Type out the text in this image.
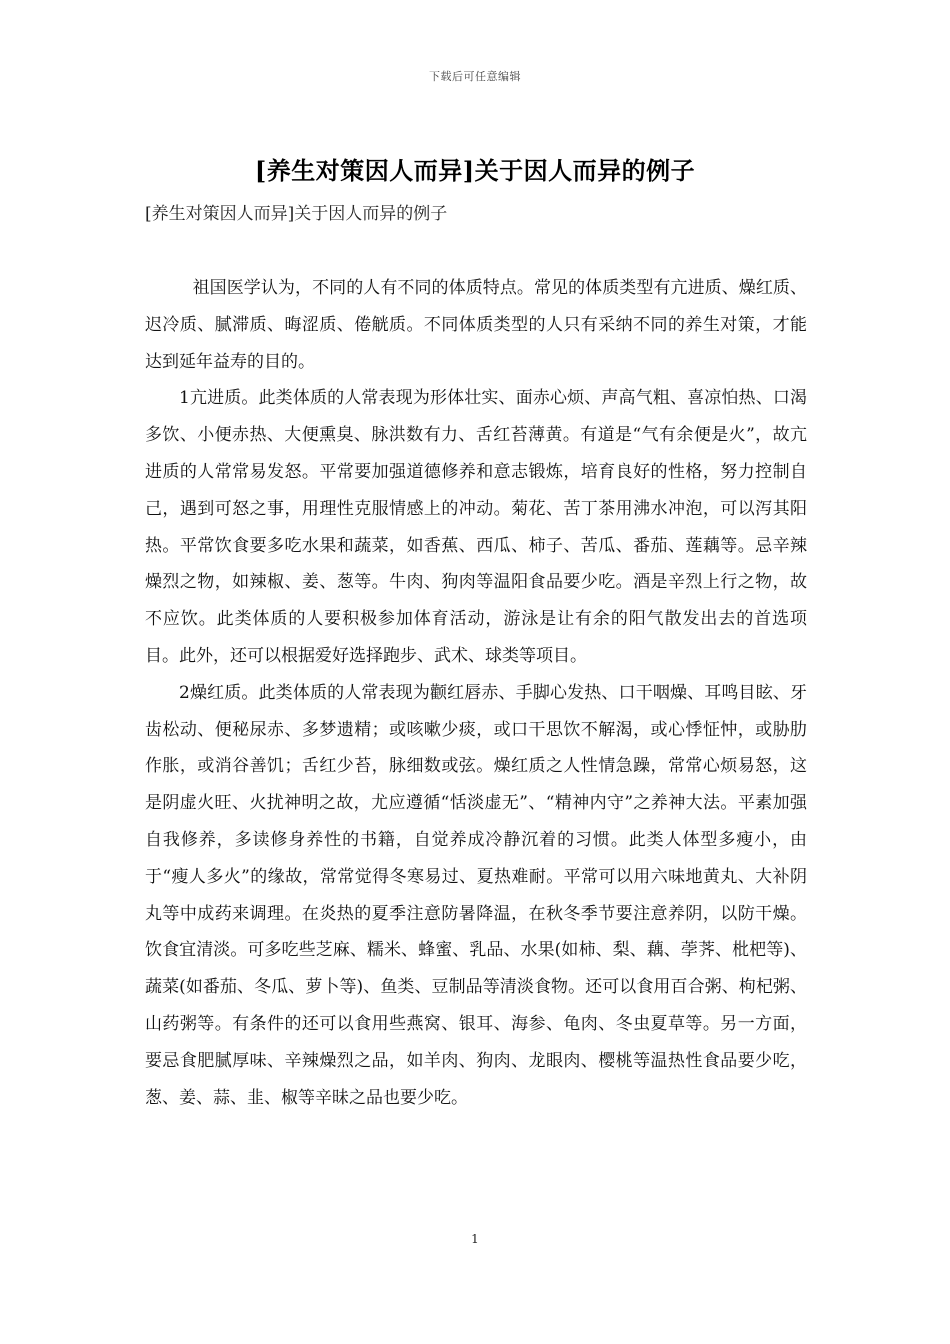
下载后可任意编辑
[养生对策因人而异]关于因人而异的例子
[养生对策因人而异]关于因人而异的例子

祖国医学认为，不同的人有不同的体质特点。常见的体质类型有亢进质、燥红质、迟冷质、腻滞质、晦涩质、倦觥质。不同体质类型的人只有采纳不同的养生对策，才能达到延年益寿的目的。

1亢进质。此类体质的人常表现为形体壮实、面赤心烦、声高气粗、喜凉怕热、口渴多饮、小便赤热、大便熏臭、脉洪数有力、舌红苔薄黄。有道是“气有余便是火”，故亢进质的人常常易发怒。平常要加强道德修养和意志锻炼，培育良好的性格，努力控制自己，遇到可怒之事，用理性克服情感上的冲动。菊花、苦丁茶用沸水冲泡，可以泻其阳热。平常饮食要多吃水果和蔬菜，如香蕉、西瓜、柿子、苦瓜、番茄、莲藕等。忌辛辣燥烈之物，如辣椒、姜、葱等。牛肉、狗肉等温阳食品要少吃。酒是辛烈上行之物，故不应饮。此类体质的人要积极参加体育活动，游泳是让有余的阳气散发出去的首选项目。此外，还可以根据爱好选择跑步、武术、球类等项目。

2燥红质。此类体质的人常表现为颧红唇赤、手脚心发热、口干咽燥、耳鸣目眩、牙齿松动、便秘尿赤、多梦遗精；或咳嗽少痰，或口干思饮不解渴，或心悸怔忡，或胁肋作胀，或消谷善饥；舌红少苔，脉细数或弦。燥红质之人性情急躁，常常心烦易怒，这是阴虚火旺、火扰神明之故，尤应遵循“恬淡虚无”、“精神内守”之养神大法。平素加强自我修养，多读修身养性的书籍，自觉养成冷静沉着的习惯。此类人体型多瘦小，由于“瘦人多火”的缘故，常常觉得冬寒易过、夏热难耐。平常可以用六味地黄丸、大补阴丸等中成药来调理。在炎热的夏季注意防暑降温，在秋冬季节要注意养阴，以防干燥。饮食宜清淡。可多吃些芝麻、糯米、蜂蜜、乳品、水果(如柿、梨、藕、荸荠、枇杷等)、蔬菜(如番茄、冬瓜、萝卜等)、鱼类、豆制品等清淡食物。还可以食用百合粥、枸杞粥、山药粥等。有条件的还可以食用些燕窝、银耳、海参、龟肉、冬虫夏草等。另一方面，要忌食肥腻厚味、辛辣燥烈之品，如羊肉、狗肉、龙眼肉、樱桃等温热性食品要少吃，葱、姜、蒜、韭、椒等辛昧之品也要少吃。

1
